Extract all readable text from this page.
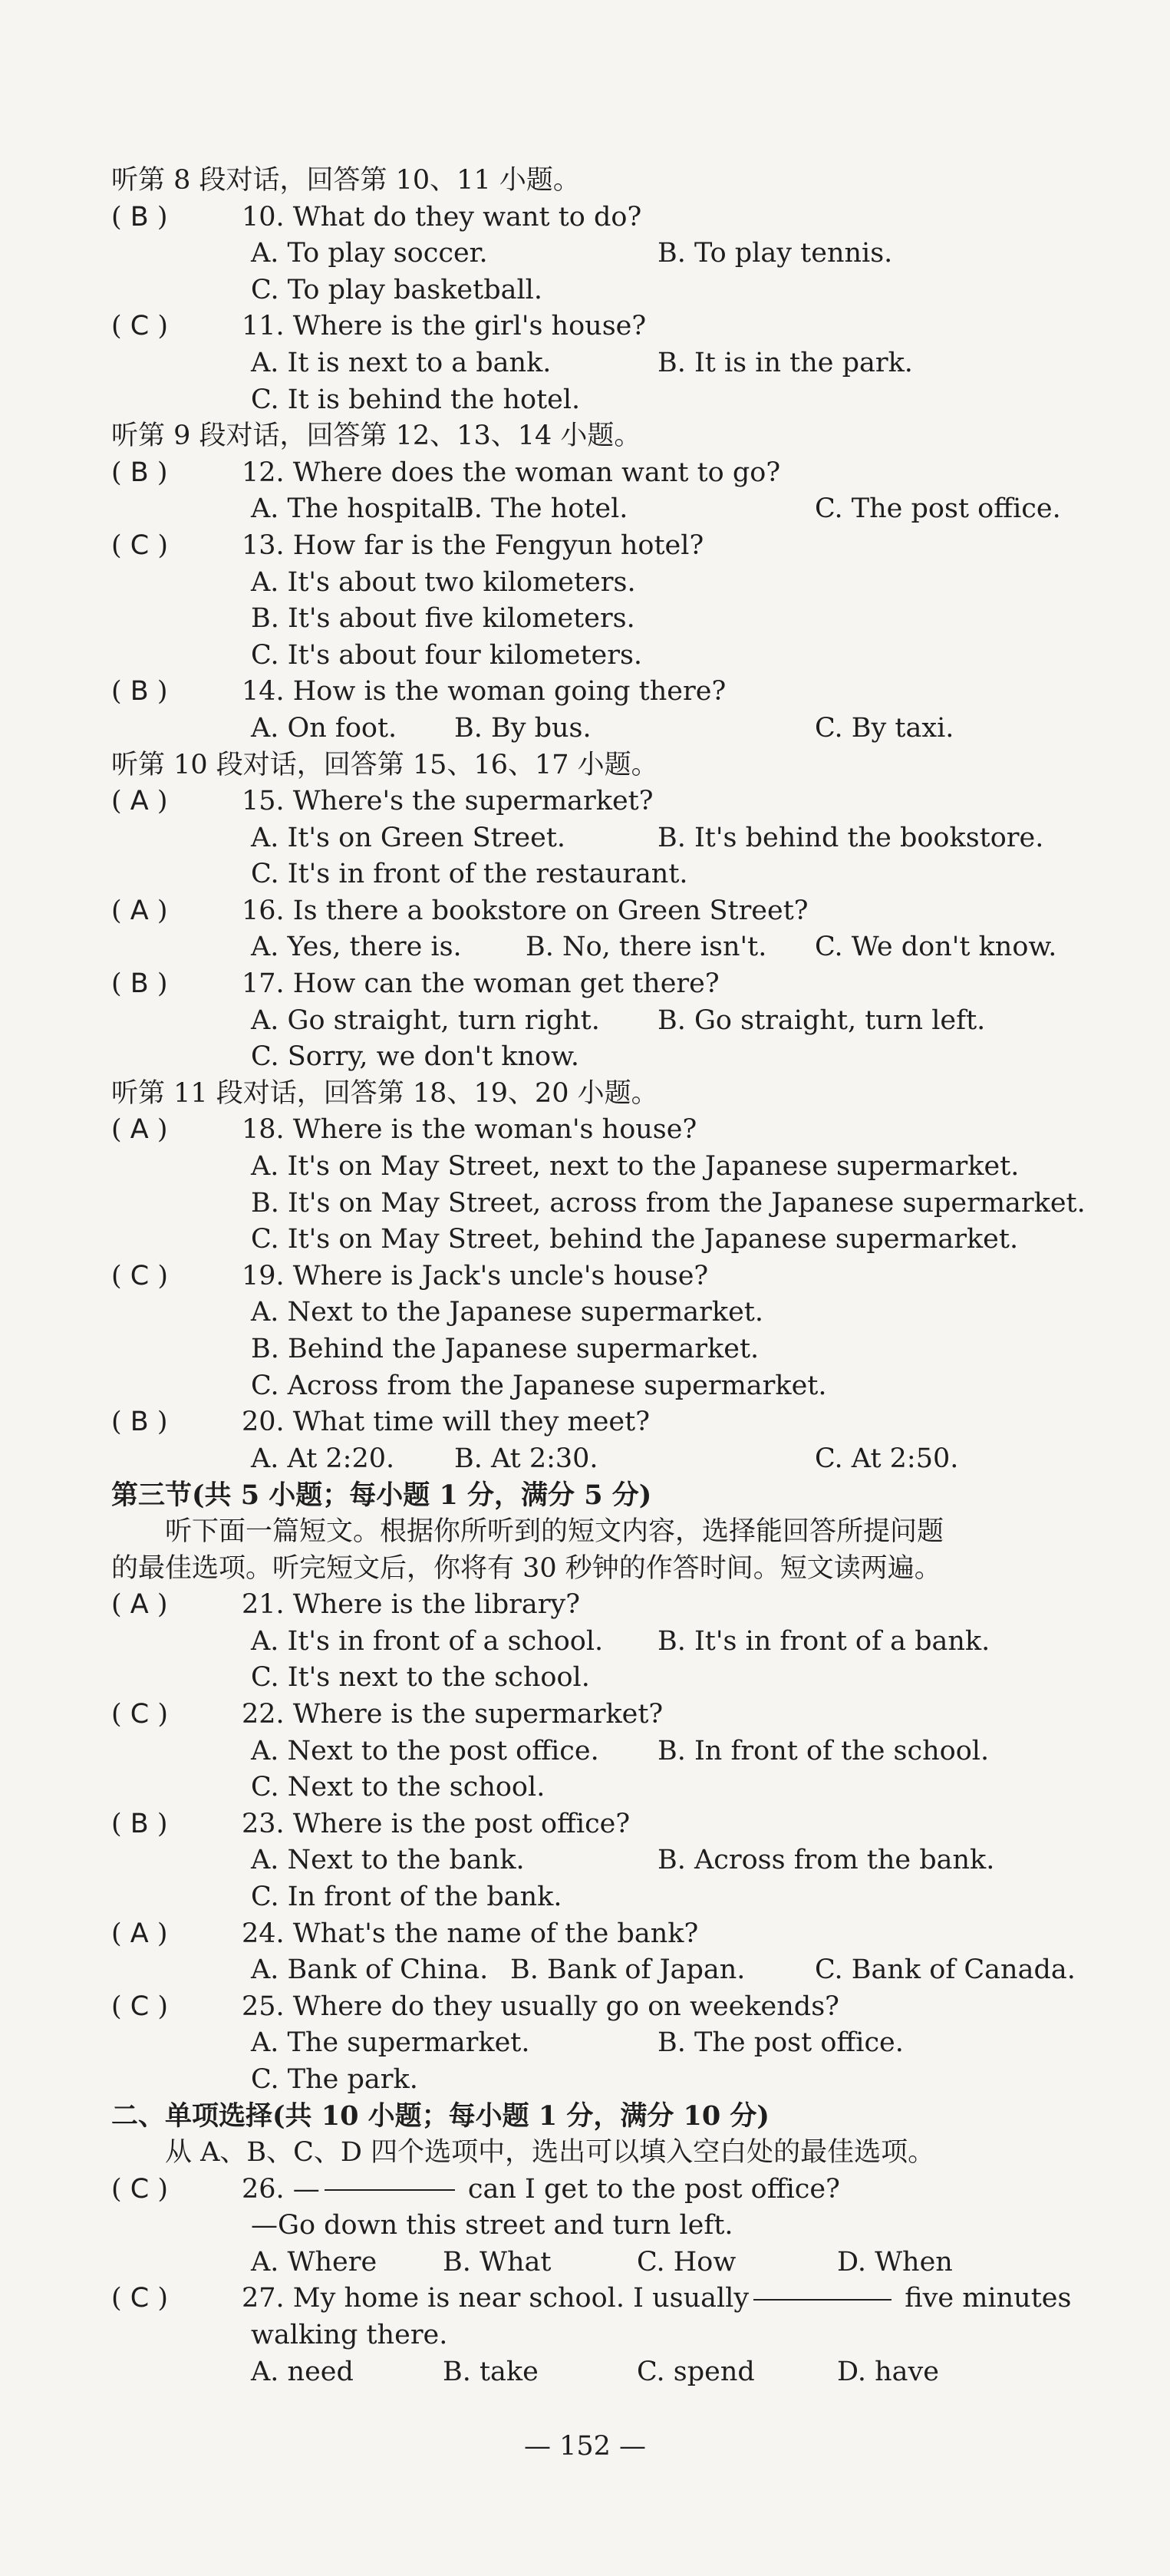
听第 8 段对话，回答第 10、11 小题。
( B )	10. What do they want to do?
A. To play soccer.	B. To play tennis.
C. To play basketball.
( C )	11. Where is the girl's house?
A. It is next to a bank.	B. It is in the park.
C. It is behind the hotel.
听第 9 段对话，回答第 12、13、14 小题。
( B )	12. Where does the woman want to go?
A. The hospital.
B. The hotel.	C. The post office.
( C )	13. How far is the Fengyun hotel?
A. It's about two kilometers.
B. It's about five kilometers.
C. It's about four kilometers.
( B )	14. How is the woman going there?
A. On foot. B. By bus.	C. By taxi.
听第 10 段对话，回答第 15、16、17 小题。
( A )	15. Where's the supermarket?
A. It's on Green Street.	B. It's behind the bookstore.
C. It's in front of the restaurant.
( A )	16. Is there a bookstore on Green Street?
A. Yes, there is. B. No, there isn't. C. We don't know.
( B )	17. How can the woman get there?
A. Go straight, turn right. B. Go straight, turn left.
C. Sorry, we don't know.
听第 11 段对话，回答第 18、19、20 小题。
( A )	18. Where is the woman's house?
A. It's on May Street, next to the Japanese supermarket.
B. It's on May Street, across from the Japanese supermarket.
C. It's on May Street, behind the Japanese supermarket.
( C )	19. Where is Jack's uncle's house?
A. Next to the Japanese supermarket.
B. Behind the Japanese supermarket.
C. Across from the Japanese supermarket.
( B )	20. What time will they meet?
A. At 2:20. B. At 2:30.	C. At 2:50.
第三节(共 5 小题；每小题 1 分，满分 5 分)
听下面一篇短文。根据你所听到的短文内容，选择能回答所提问题
的最佳选项。听完短文后，你将有 30 秒钟的作答时间。短文读两遍。
( A )	21. Where is the library?
A. It's in front of a school. B. It's in front of a bank.
C. It's next to the school.
( C )	22. Where is the supermarket?
A. Next to the post office. B. In front of the school.
C. Next to the school.
( B )	23. Where is the post office?
A. Next to the bank.	B. Across from the bank.
C. In front of the bank.
( A )	24. What's the name of the bank?
A. Bank of China. B. Bank of Japan.	C. Bank of Canada.
( C )	25. Where do they usually go on weekends?
A. The supermarket.	B. The post office.
C. The park.
二、单项选择(共 10 小题；每小题 1 分，满分 10 分)
从 A、B、C、D 四个选项中，选出可以填入空白处的最佳选项。
( C )	26. —	can I get to the post office?
—Go down this street and turn left.
A. Where B. What	C. How	D. When
( C )	27. My home is near school. I usually	five minutes
walking there.
A. need	B. take	C. spend	D. have
— 152 —
